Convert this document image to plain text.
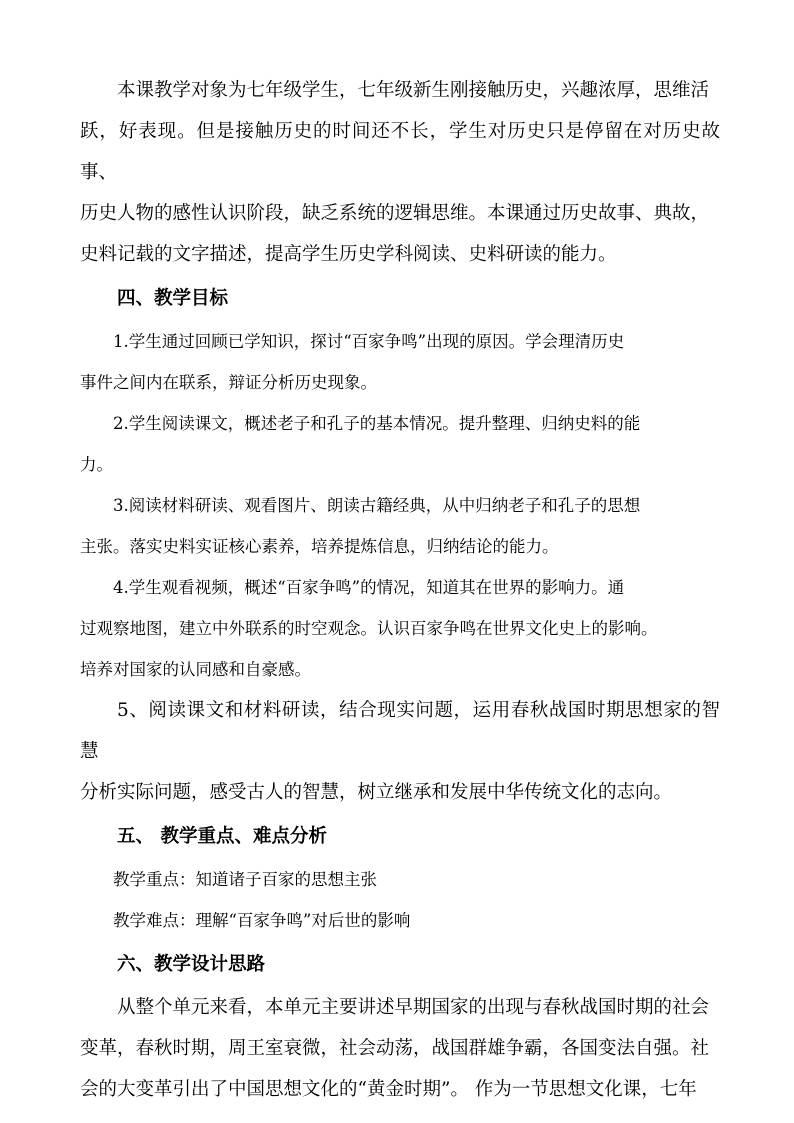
本课教学对象为七年级学生，七年级新生刚接触历史，兴趣浓厚，思维活
跃，好表现。但是接触历史的时间还不长，学生对历史只是停留在对历史故事、
历史人物的感性认识阶段，缺乏系统的逻辑思维。本课通过历史故事、典故，
史料记载的文字描述，提高学生历史学科阅读、史料研读的能力。

四、教学目标

1.学生通过回顾已学知识，探讨“百家争鸣”出现的原因。学会理清历史
事件之间内在联系，辩证分析历史现象。

2.学生阅读课文，概述老子和孔子的基本情况。提升整理、归纳史料的能
力。

3.阅读材料研读、观看图片、朗读古籍经典，从中归纳老子和孔子的思想
主张。落实史料实证核心素养，培养提炼信息，归纳结论的能力。

4.学生观看视频，概述“百家争鸣”的情况，知道其在世界的影响力。通
过观察地图，建立中外联系的时空观念。认识百家争鸣在世界文化史上的影响。
培养对国家的认同感和自豪感。

5、阅读课文和材料研读，结合现实问题，运用春秋战国时期思想家的智慧
分析实际问题，感受古人的智慧，树立继承和发展中华传统文化的志向。

五、 教学重点、难点分析

教学重点：知道诸子百家的思想主张

教学难点：理解“百家争鸣”对后世的影响

六、教学设计思路

从整个单元来看，本单元主要讲述早期国家的出现与春秋战国时期的社会
变革，春秋时期，周王室衰微，社会动荡，战国群雄争霸，各国变法自强。社
会的大变革引出了中国思想文化的“黄金时期”。 作为一节思想文化课，七年
